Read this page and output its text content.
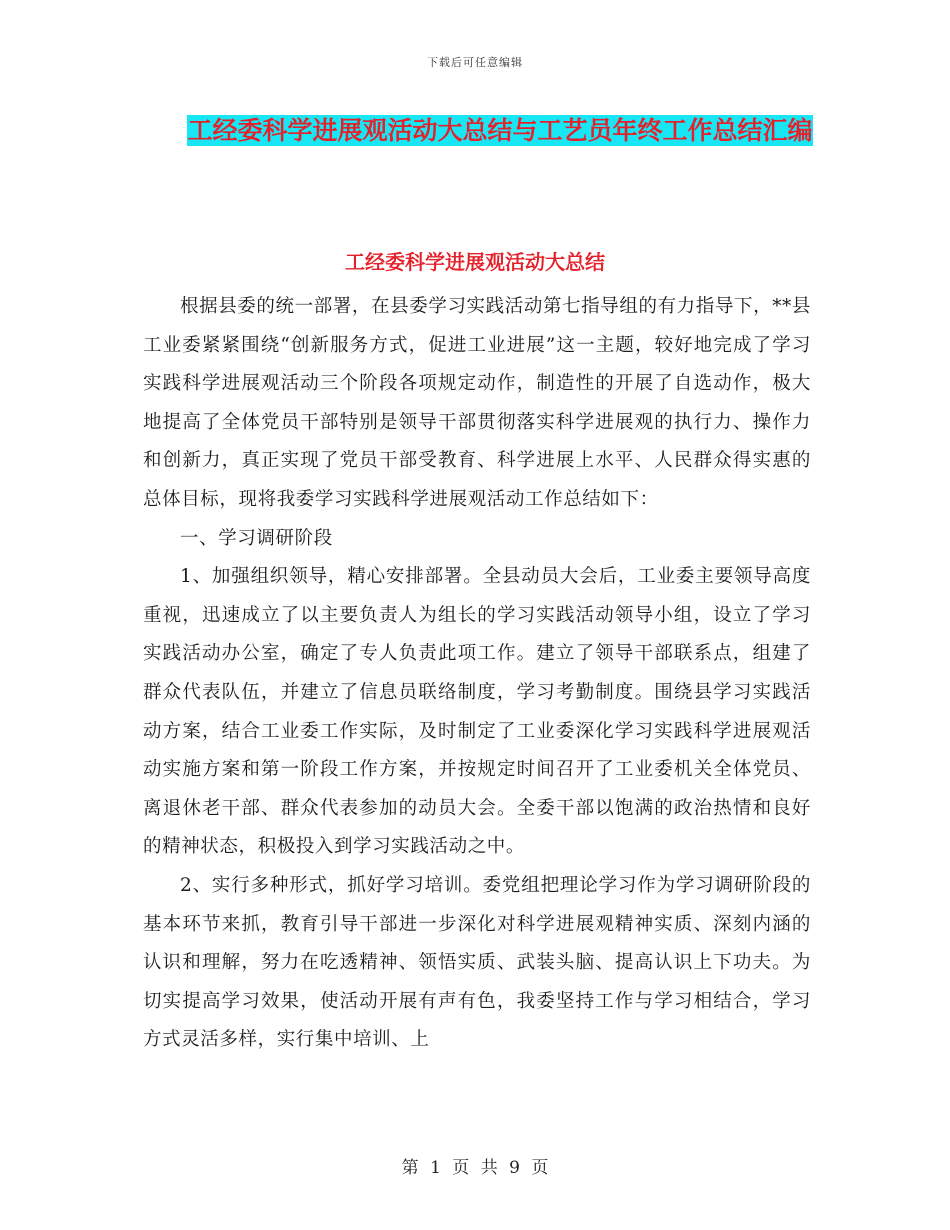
下载后可任意编辑
工经委科学进展观活动大总结与工艺员年终工作总结汇编
工经委科学进展观活动大总结

根据县委的统一部署，在县委学习实践活动第七指导组的有力指导下，**县工业委紧紧围绕“创新服务方式，促进工业进展”这一主题，较好地完成了学习实践科学进展观活动三个阶段各项规定动作，制造性的开展了自选动作，极大地提高了全体党员干部特别是领导干部贯彻落实科学进展观的执行力、操作力和创新力，真正实现了党员干部受教育、科学进展上水平、人民群众得实惠的总体目标，现将我委学习实践科学进展观活动工作总结如下：

一、学习调研阶段

1、加强组织领导，精心安排部署。全县动员大会后，工业委主要领导高度重视，迅速成立了以主要负责人为组长的学习实践活动领导小组，设立了学习实践活动办公室，确定了专人负责此项工作。建立了领导干部联系点，组建了群众代表队伍，并建立了信息员联络制度，学习考勤制度。围绕县学习实践活动方案，结合工业委工作实际，及时制定了工业委深化学习实践科学进展观活动实施方案和第一阶段工作方案，并按规定时间召开了工业委机关全体党员、离退休老干部、群众代表参加的动员大会。全委干部以饱满的政治热情和良好的精神状态，积极投入到学习实践活动之中。

2、实行多种形式，抓好学习培训。委党组把理论学习作为学习调研阶段的基本环节来抓，教育引导干部进一步深化对科学进展观精神实质、深刻内涵的认识和理解，努力在吃透精神、领悟实质、武装头脑、提高认识上下功夫。为切实提高学习效果，使活动开展有声有色，我委坚持工作与学习相结合，学习方式灵活多样，实行集中培训、上

第 1 页 共 9 页
